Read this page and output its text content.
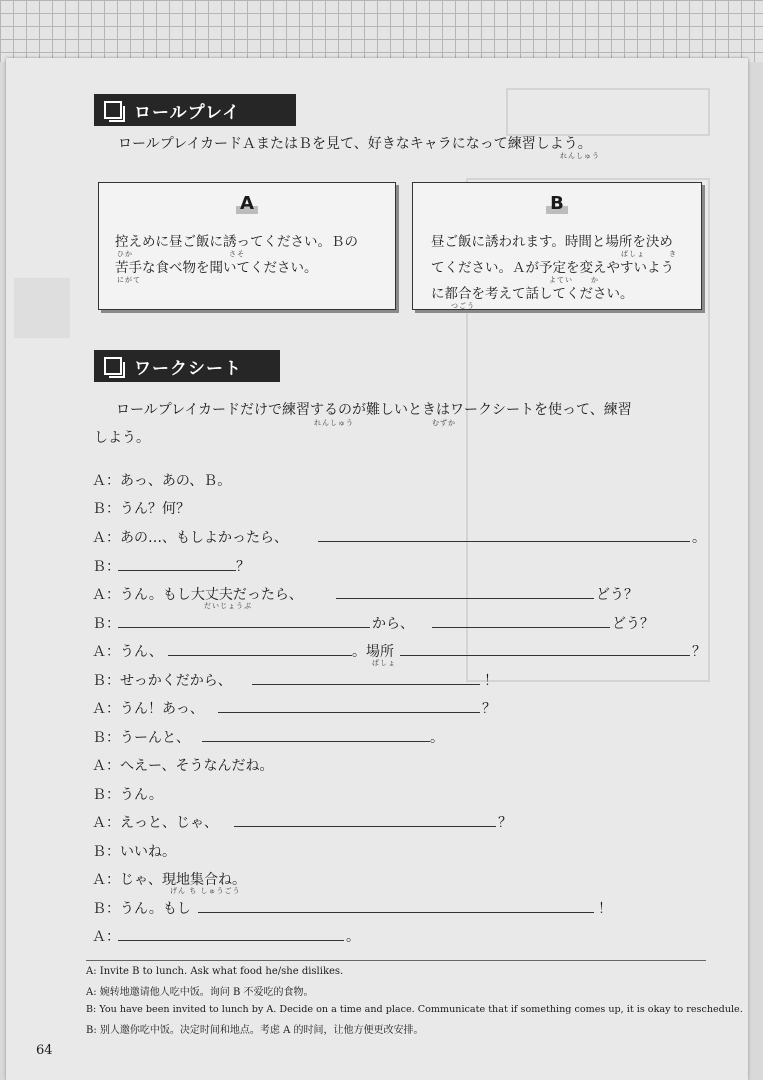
ロールプレイ
ロールプレイカードＡまたはＢを見て、好きなキャラになって練習しよう。
れんしゅう
A
控えめに昼ご飯に誘ってください。Ｂの
苦手な食べ物を聞いてください。
ひか	さそ
にがて
B
昼ご飯に誘われます。時間と場所を決め
てください。Ａが予定を変えやすいよう
に都合を考えて話してください。
ばしょ	き
よてい	か
つごう
ワークシート
ロールプレイカードだけで練習するのが難しいときはワークシートを使って、練習
しよう。
れんしゅう	むずか
Ａ：あっ、あの、Ｂ。
Ｂ：うん？何？
Ａ：あの…、もしよかったら、	。
Ｂ：	？
Ａ：うん。もし大丈夫だったら、	どう？
だいじょうぶ
Ｂ：	から、	どう？
Ａ：うん、	。場所	？
ばしょ
Ｂ：せっかくだから、	！
Ａ：うん！あっ、	？
Ｂ：うーんと、	。
Ａ：へえー、そうなんだね。
Ｂ：うん。
Ａ：えっと、じゃ、	？
Ｂ：いいね。
Ａ：じゃ、現地集合ね。
げん ち しゅうごう
Ｂ：うん。もし	！
Ａ：	。
A: Invite B to lunch. Ask what food he/she dislikes.
A: 婉转地邀请他人吃中饭。询问 B 不爱吃的食物。
B: You have been invited to lunch by A. Decide on a time and place. Communicate that if something comes up, it is okay to reschedule.
B: 别人邀你吃中饭。决定时间和地点。考虑 A 的时间，让他方便更改安排。
64
